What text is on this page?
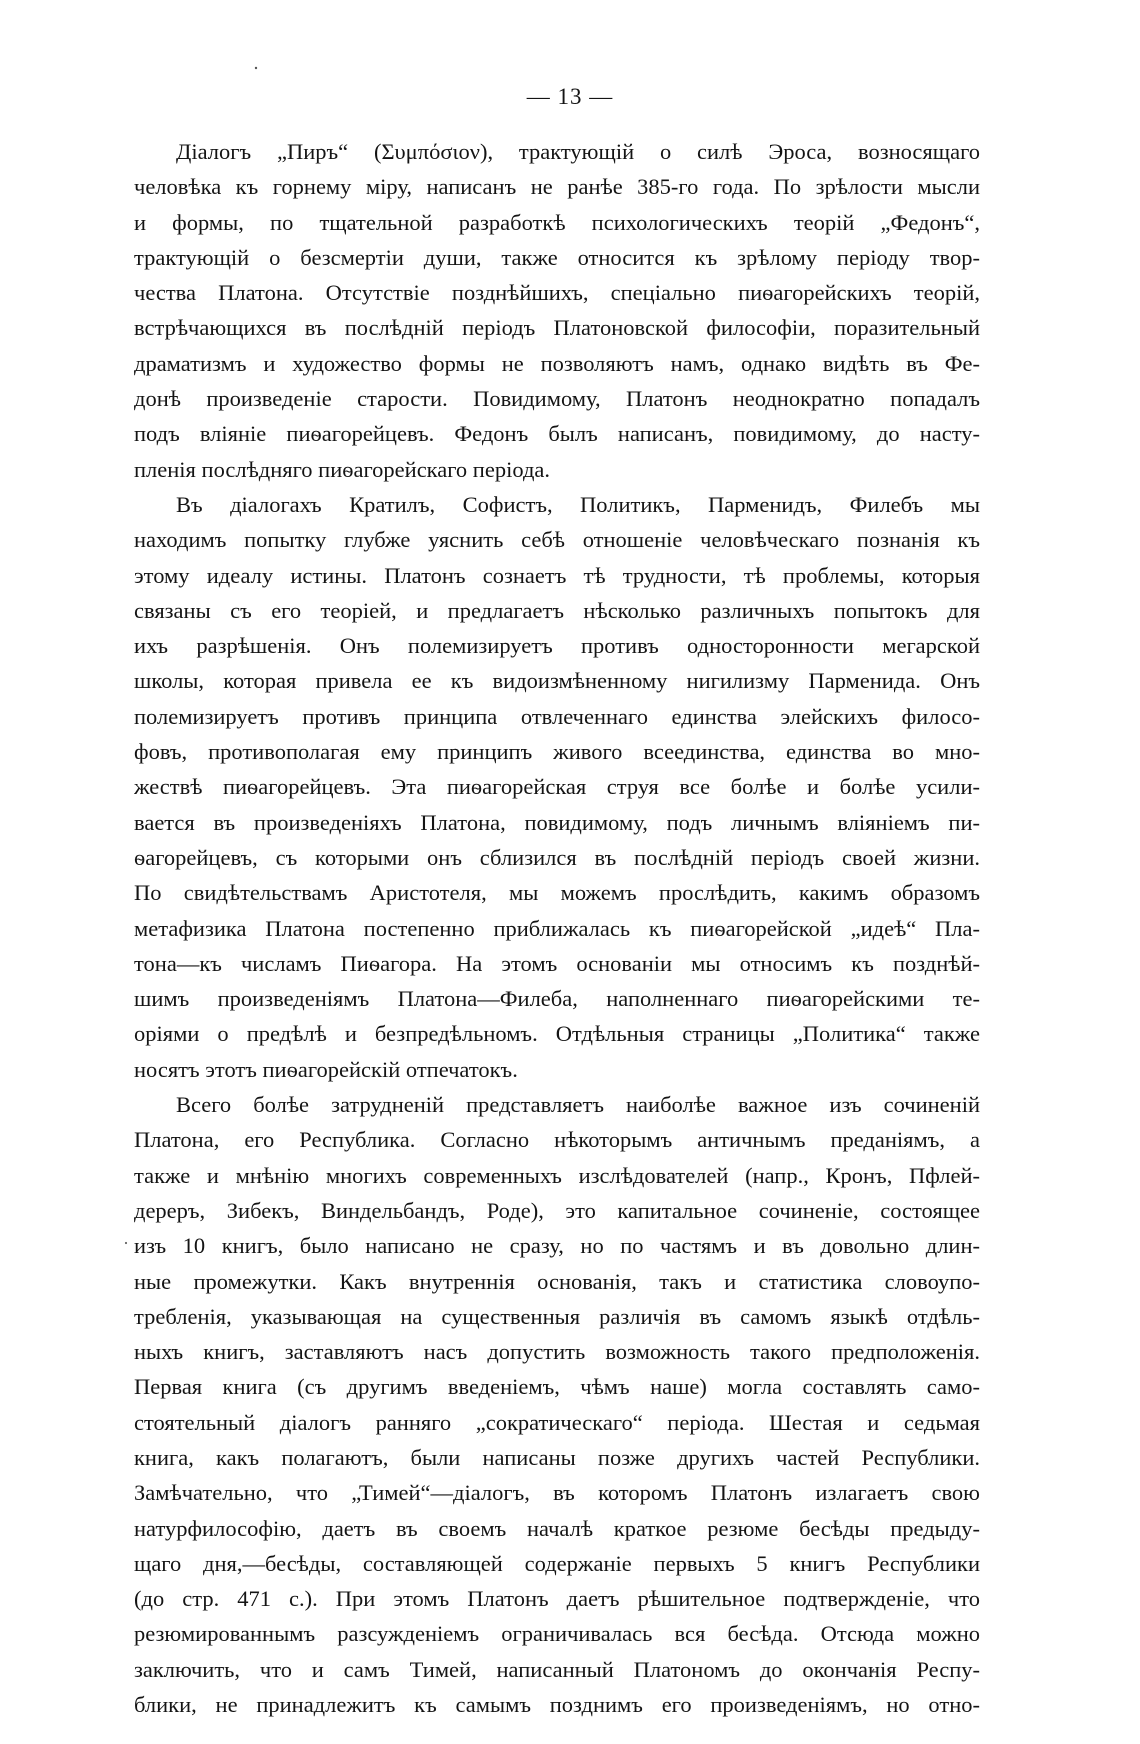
— 13 —

Діалогъ „Пиръ“ (Συμπόσιον), трактующій о силѣ Эроса, возносящаго
человѣка къ горнему міру, написанъ не ранѣе 385-го года. По зрѣлости мысли
и формы, по тщательной разработкѣ психологическихъ теорій „Федонъ“,
трактующій о безсмертіи души, также относится къ зрѣлому періоду твор-
чества Платона. Отсутствіе позднѣйшихъ, спеціально пиѳагорейскихъ теорій,
встрѣчающихся въ послѣдній періодъ Платоновской философіи, поразительный
драматизмъ и художество формы не позволяютъ намъ, однако видѣть въ Фе-
донѣ произведеніе старости. Повидимому, Платонъ неоднократно попадалъ
подъ вліяніе пиѳагорейцевъ. Федонъ былъ написанъ, повидимому, до насту-
пленія послѣдняго пиѳагорейскаго періода.
Въ діалогахъ Кратилъ, Софистъ, Политикъ, Парменидъ, Филебъ мы
находимъ попытку глубже уяснить себѣ отношеніе человѣческаго познанія къ
этому идеалу истины. Платонъ сознаетъ тѣ трудности, тѣ проблемы, которыя
связаны съ его теоріей, и предлагаетъ нѣсколько различныхъ попытокъ для
ихъ разрѣшенія. Онъ полемизируетъ противъ односторонности мегарской
школы, которая привела ее къ видоизмѣненному нигилизму Парменида. Онъ
полемизируетъ противъ принципа отвлеченнаго единства элейскихъ филосо-
фовъ, противополагая ему принципъ живого всеединства, единства во мно-
жествѣ пиѳагорейцевъ. Эта пиѳагорейская струя все болѣе и болѣе усили-
вается въ произведеніяхъ Платона, повидимому, подъ личнымъ вліяніемъ пи-
ѳагорейцевъ, съ которыми онъ сблизился въ послѣдній періодъ своей жизни.
По свидѣтельствамъ Аристотеля, мы можемъ прослѣдить, какимъ образомъ
метафизика Платона постепенно приближалась къ пиѳагорейской „идеѣ“ Пла-
тона—къ числамъ Пиѳагора. На этомъ основаніи мы относимъ къ позднѣй-
шимъ произведеніямъ Платона—Филеба, наполненнаго пиѳагорейскими те-
оріями о предѣлѣ и безпредѣльномъ. Отдѣльныя страницы „Политика“ также
носятъ этотъ пиѳагорейскій отпечатокъ.
Всего болѣе затрудненій представляетъ наиболѣе важное изъ сочиненій
Платона, его Республика. Согласно нѣкоторымъ античнымъ преданіямъ, а
также и мнѣнію многихъ современныхъ изслѣдователей (напр., Кронъ, Пфлей-
дереръ, Зибекъ, Виндельбандъ, Роде), это капитальное сочиненіе, состоящее
изъ 10 книгъ, было написано не сразу, но по частямъ и въ довольно длин-
ные промежутки. Какъ внутреннія основанія, такъ и статистика словоупо-
требленія, указывающая на существенныя различія въ самомъ языкѣ отдѣль-
ныхъ книгъ, заставляютъ насъ допустить возможность такого предположенія.
Первая книга (съ другимъ введеніемъ, чѣмъ наше) могла составлять само-
стоятельный діалогъ ранняго „сократическаго“ періода. Шестая и седьмая
книга, какъ полагаютъ, были написаны позже другихъ частей Республики.
Замѣчательно, что „Тимей“—діалогъ, въ которомъ Платонъ излагаетъ свою
натурфилософію, даетъ въ своемъ началѣ краткое резюме бесѣды предыду-
щаго дня,—бесѣды, составляющей содержаніе первыхъ 5 книгъ Республики
(до стр. 471 с.). При этомъ Платонъ даетъ рѣшительное подтвержденіе, что
резюмированнымъ разсужденіемъ ограничивалась вся бесѣда. Отсюда можно
заключить, что и самъ Тимей, написанный Платономъ до окончанія Респу-
блики, не принадлежитъ къ самымъ позднимъ его произведеніямъ, но отно-
